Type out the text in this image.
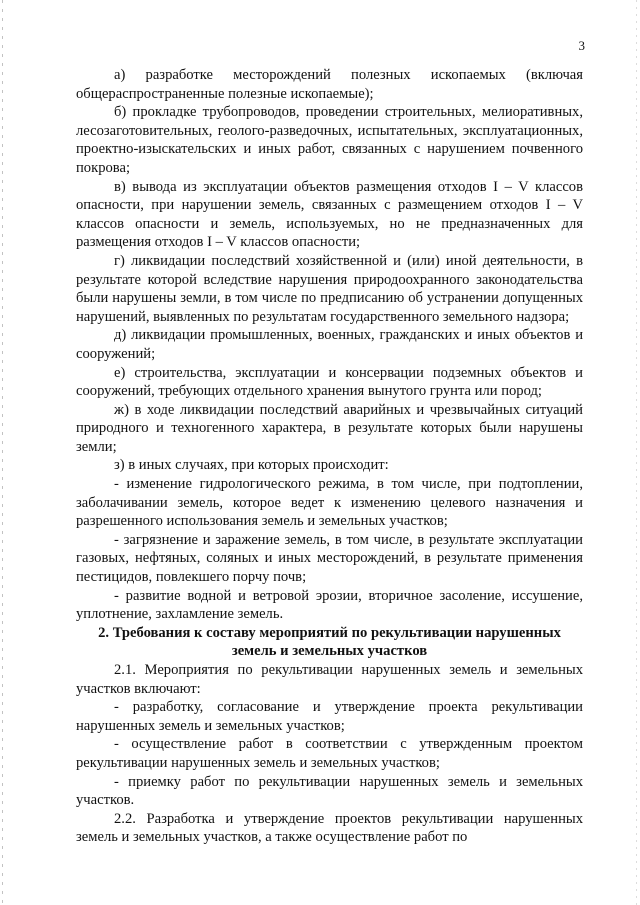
3

а) разработке месторождений полезных ископаемых (включая общераспространенные полезные ископаемые);

б) прокладке трубопроводов, проведении строительных, мелиоративных, лесозаготовительных, геолого-разведочных, испытательных, эксплуатационных, проектно-изыскательских и иных работ, связанных с нарушением почвенного покрова;

в) вывода из эксплуатации объектов размещения отходов I – V классов опасности, при нарушении земель, связанных с размещением отходов I – V классов опасности и земель, используемых, но не предназначенных для размещения отходов I – V классов опасности;

г) ликвидации последствий хозяйственной и (или) иной деятельности, в результате которой вследствие нарушения природоохранного законодательства были нарушены земли, в том числе по предписанию об устранении допущенных нарушений, выявленных по результатам государственного земельного надзора;

д) ликвидации промышленных, военных, гражданских и иных объектов и сооружений;

е) строительства, эксплуатации и консервации подземных объектов и сооружений, требующих отдельного хранения вынутого грунта или пород;

ж) в ходе ликвидации последствий аварийных и чрезвычайных ситуаций природного и техногенного характера, в результате которых были нарушены земли;

з) в иных случаях, при которых происходит:

- изменение гидрологического режима, в том числе, при подтоплении, заболачивании земель, которое ведет к изменению целевого назначения и разрешенного использования земель и земельных участков;

- загрязнение и заражение земель, в том числе, в результате эксплуатации газовых, нефтяных, соляных и иных месторождений, в результате применения пестицидов, повлекшего порчу почв;

- развитие водной и ветровой эрозии, вторичное засоление, иссушение, уплотнение, захламление земель.

2. Требования к составу мероприятий по рекультивации нарушенных земель и земельных участков

2.1. Мероприятия по рекультивации нарушенных земель и земельных участков включают:

- разработку, согласование и утверждение проекта рекультивации нарушенных земель и земельных участков;

- осуществление работ в соответствии с утвержденным проектом рекультивации нарушенных земель и земельных участков;

- приемку работ по рекультивации нарушенных земель и земельных участков.

2.2. Разработка и утверждение проектов рекультивации нарушенных земель и земельных участков, а также осуществление работ по
